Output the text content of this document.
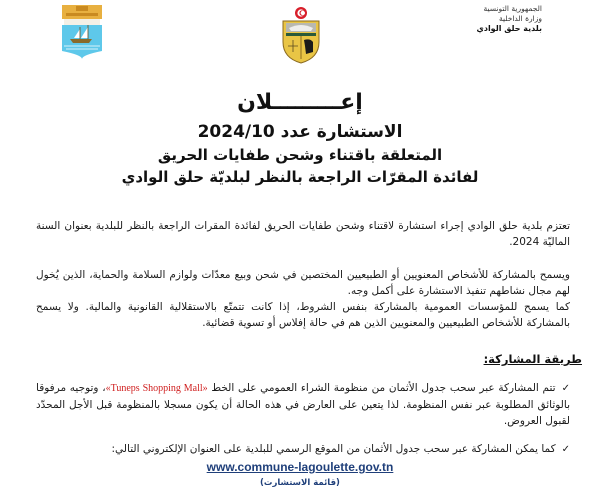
الجمهورية التونسية
وزارة الداخلية
بلدية حلق الوادي
إعـــــــــلان
الاستشارة عدد 2024/10
المتعلقة باقتناء وشحن طفايات الحريق
لفائدة المقرّات الراجعة بالنظر لبلديّة حلق الوادي
تعتزم بلدية حلق الوادي إجراء استشارة لاقتناء وشحن طفايات الحريق لفائدة المقرات الراجعة بالنظر للبلدية بعنوان السنة الماليّة 2024.
ويسمح بالمشاركة للأشخاص المعنويين أو الطبيعيين المختصين في شحن وبيع معدّات ولوازم السلامة والحماية، الذين يُخول لهم مجال نشاطهم تنفيذ الاستشارة على أكمل وجه.
كما يسمح للمؤسسات العمومية بالمشاركة بنفس الشروط، إذا كانت تتمتّع بالاستقلالية القانونية والمالية. ولا يسمح بالمشاركة للأشخاص الطبيعيين والمعنويين الذين هم في حالة إفلاس أو تسوية قضائية.
طريقة المشاركة:
✓تتم المشاركة عبر سحب جدول الأثمان من منظومة الشراء العمومي على الخط «Tuneps Shopping Mall»، وتوجيه مرفوقا بالوثائق المطلوبة عبر نفس المنظومة. لذا يتعين على العارض في هذه الحالة أن يكون مسجلا بالمنظومة قبل الأجل المحدّد لقبول العروض.
✓كما يمكن المشاركة عبر سحب جدول الأثمان من الموقع الرسمي للبلدية على العنوان الإلكتروني التالي:
www.commune-lagoulette.gov.tn
(قائمة الاستشارت)
